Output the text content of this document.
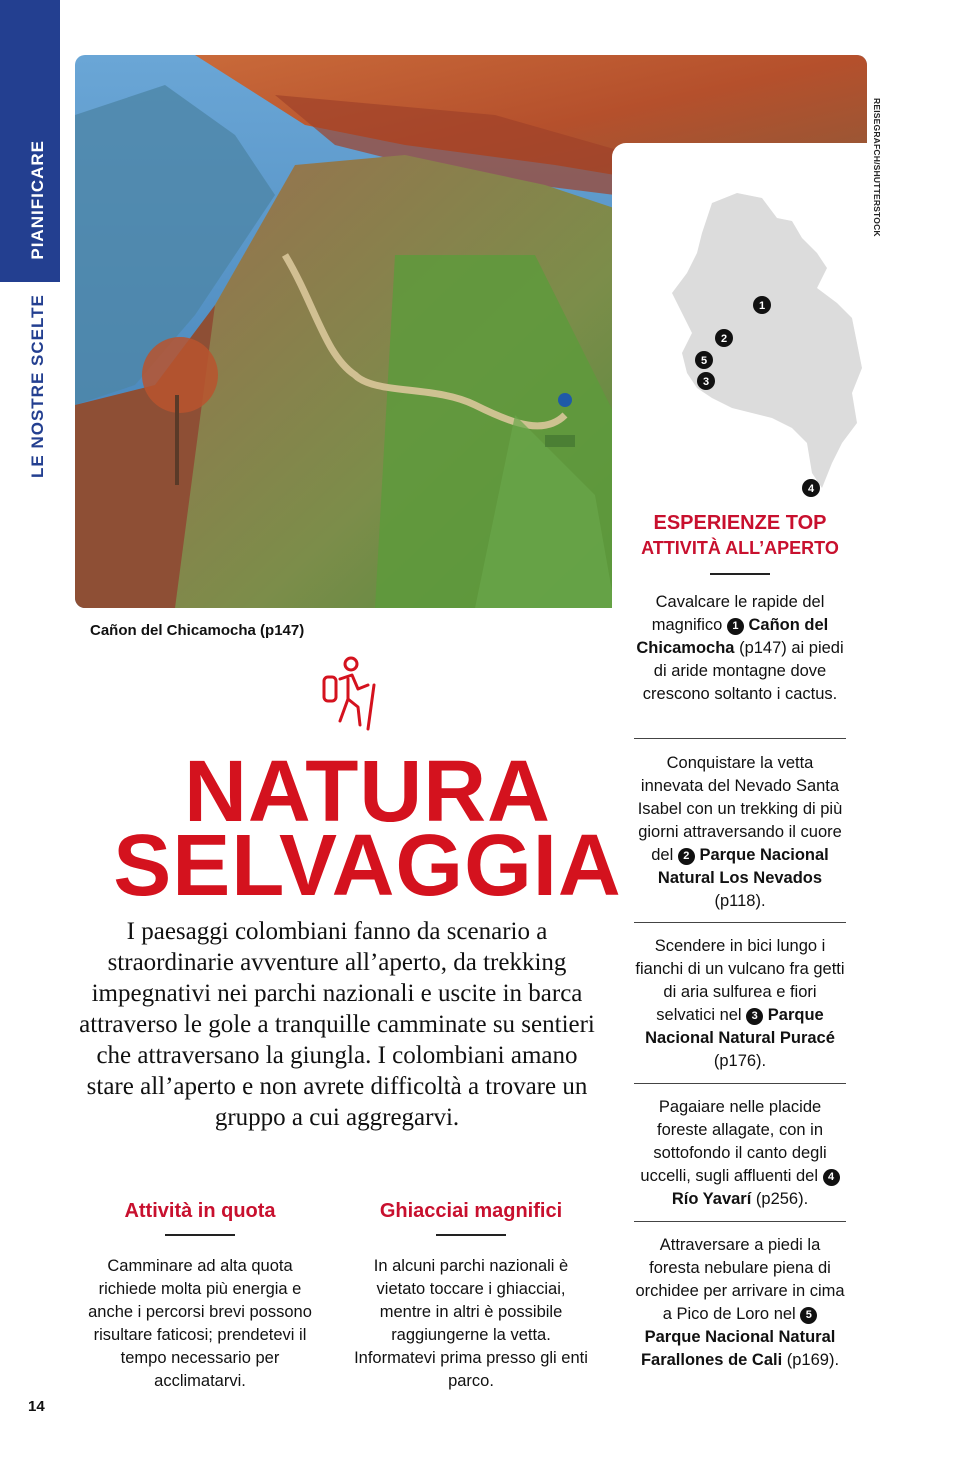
PIANIFICARE
LE NOSTRE SCELTE	1
2
5
3
4
REISEGRAFCH/SHUTTERSTOCK
Cañon del Chicamocha (p147)
NATURA
SELVAGGIA
I paesaggi colombiani fanno da scenario a straordinarie avventure all’aperto, da trekking impegnativi nei parchi nazionali e uscite in barca attraverso le gole a tranquille camminate su sentieri che attraversano la giungla. I colombiani amano stare all’aperto e non avrete difficoltà a trovare un gruppo a cui aggregarvi.
Attività in quota
Camminare ad alta quota richiede molta più energia e anche i percorsi brevi possono risultare faticosi; prendetevi il tempo necessario per acclimatarvi.
Ghiacciai magnifici
In alcuni parchi nazionali è vietato toccare i ghiacciai, mentre in altri è possibile raggiungerne la vetta. Informatevi prima presso gli enti parco.
ESPERIENZE TOP
ATTIVITÀ ALL’APERTO
Cavalcare le rapide del magnifico 1 Cañon del Chicamocha (p147) ai piedi di aride montagne dove crescono soltanto i cactus.
Conquistare la vetta innevata del Nevado Santa Isabel con un trekking di più giorni attraversando il cuore del 2 Parque Nacional Natural Los Nevados (p118).
Scendere in bici lungo i fianchi di un vulcano fra getti di aria sulfurea e fiori selvatici nel 3 Parque Nacional Natural Puracé (p176).
Pagaiare nelle placide foreste allagate, con in sottofondo il canto degli uccelli, sugli affluenti del 4 Río Yavarí (p256).
Attraversare a piedi la foresta nebulare piena di orchidee per arrivare in cima a Pico de Loro nel 5 Parque Nacional Natural Farallones de Cali (p169).
14
